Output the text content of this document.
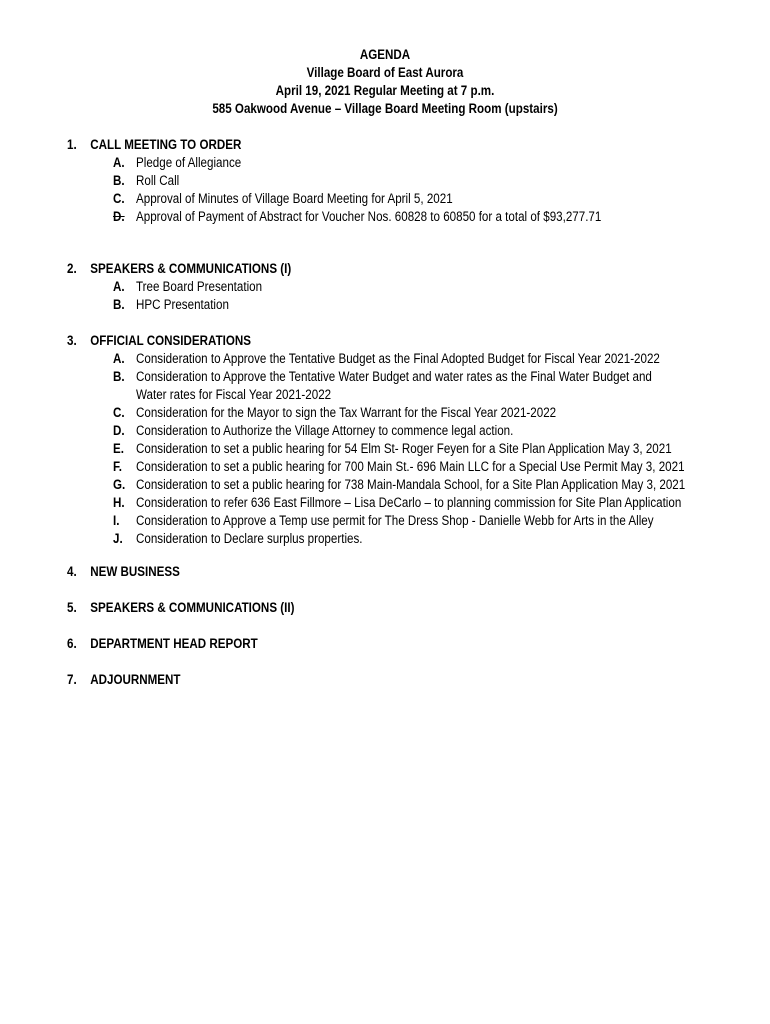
AGENDA
Village Board of East Aurora
April 19, 2021 Regular Meeting at 7 p.m.
585 Oakwood Avenue – Village Board Meeting Room (upstairs)
1. CALL MEETING TO ORDER
A. Pledge of Allegiance
B. Roll Call
C. Approval of Minutes of Village Board Meeting for April 5, 2021
D. Approval of Payment of Abstract for Voucher Nos. 60828 to 60850 for a total of $93,277.71
2. SPEAKERS & COMMUNICATIONS (I)
A. Tree Board Presentation
B. HPC Presentation
3. OFFICIAL CONSIDERATIONS
A. Consideration to Approve the Tentative Budget as the Final Adopted Budget for Fiscal Year 2021-2022
B. Consideration to Approve the Tentative Water Budget and water rates as the Final Water Budget and
Water rates for Fiscal Year 2021-2022
C. Consideration for the Mayor to sign the Tax Warrant for the Fiscal Year 2021-2022
D. Consideration to Authorize the Village Attorney to commence legal action.
E. Consideration to set a public hearing for 54 Elm St- Roger Feyen for a Site Plan Application May 3, 2021
F. Consideration to set a public hearing for 700 Main St.- 696 Main LLC for a Special Use Permit May 3, 2021
G. Consideration to set a public hearing for 738 Main-Mandala School, for a Site Plan Application May 3, 2021
H. Consideration to refer 636 East Fillmore – Lisa DeCarlo – to planning commission for Site Plan Application
I. Consideration to Approve a Temp use permit for The Dress Shop - Danielle Webb for Arts in the Alley
J. Consideration to Declare surplus properties.
4. NEW BUSINESS
5. SPEAKERS & COMMUNICATIONS (II)
6. DEPARTMENT HEAD REPORT
7. ADJOURNMENT
